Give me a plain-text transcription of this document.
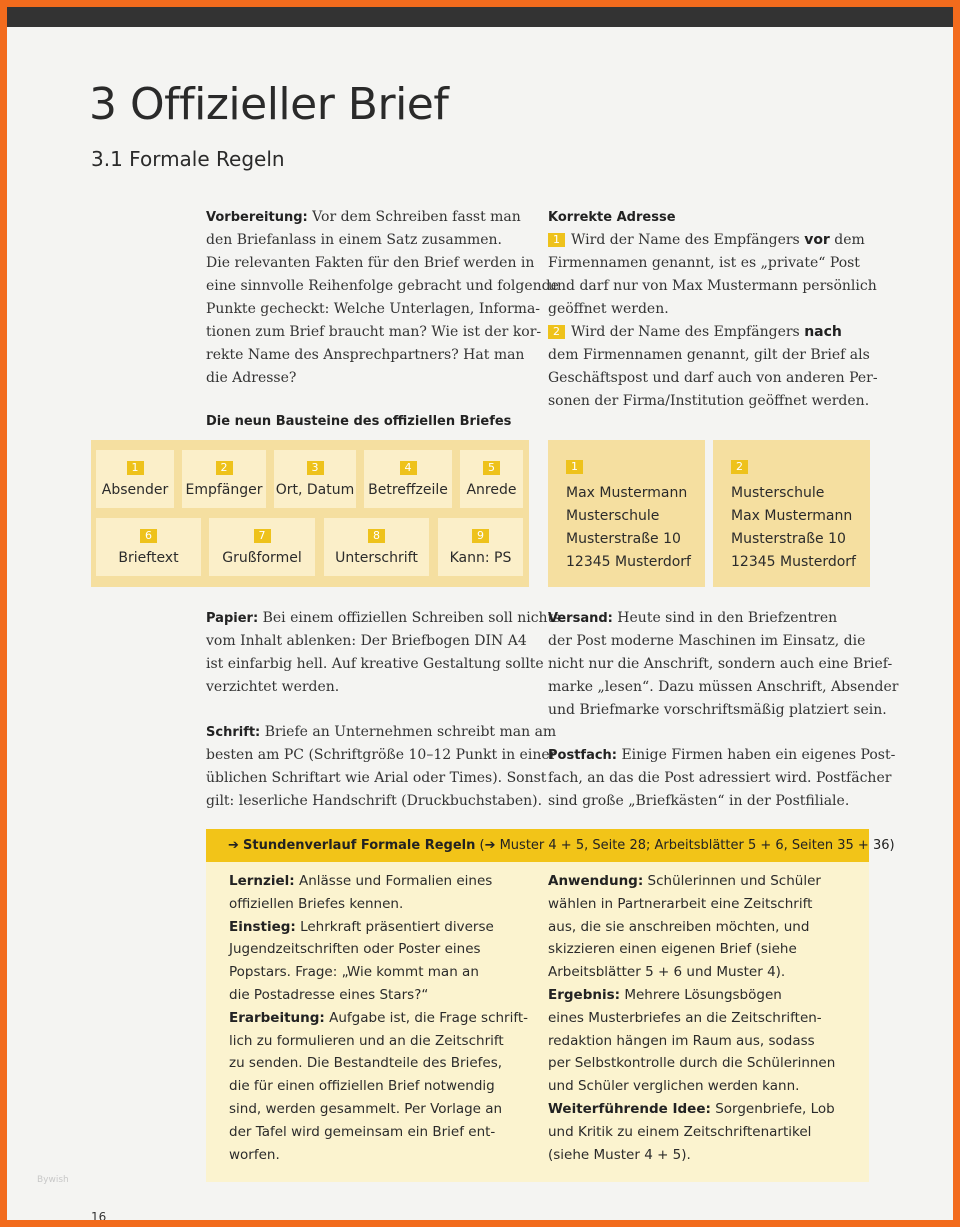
3 Offizieller Brief
3.1 Formale Regeln

Vorbereitung: Vor dem Schreiben fasst man

den Briefanlass in einem Satz zusammen.

Die relevanten Fakten für den Brief werden in

eine sinnvolle Reihenfolge gebracht und folgende

Punkte gecheckt: Welche Unterlagen, Informa-

tionen zum Brief braucht man? Wie ist der kor-

rekte Name des Ansprechpartners? Hat man

die Adresse?

Korrekte Adresse

1 Wird der Name des Empfängers vor dem

Firmennamen genannt, ist es „private“ Post

und darf nur von Max Mustermann persönlich

geöffnet werden.

2 Wird der Name des Empfängers nach

dem Firmennamen genannt, gilt der Brief als

Geschäftspost und darf auch von anderen Per-

sonen der Firma/Institution geöffnet werden.

Die neun Bausteine des offiziellen Briefes
1
Absender
2
Empfänger
3
Ort, Datum
4
Betreffzeile
5
Anrede
6
Brieftext
7
Grußformel
8
Unterschrift
9
Kann: PS
1

Max Mustermann

Musterschule

Musterstraße 10

12345 Musterdorf

2

Musterschule

Max Mustermann

Musterstraße 10

12345 Musterdorf

Papier: Bei einem offiziellen Schreiben soll nichts

vom Inhalt ablenken: Der Briefbogen DIN A4

ist einfarbig hell. Auf kreative Gestaltung sollte

verzichtet werden.

Schrift: Briefe an Unternehmen schreibt man am

besten am PC (Schriftgröße 10–12 Punkt in einer

üblichen Schriftart wie Arial oder Times). Sonst

gilt: leserliche Handschrift (Druckbuchstaben).

Versand: Heute sind in den Briefzentren

der Post moderne Maschinen im Einsatz, die

nicht nur die Anschrift, sondern auch eine Brief-

marke „lesen“. Dazu müssen Anschrift, Absender

und Briefmarke vorschriftsmäßig platziert sein.

Postfach: Einige Firmen haben ein eigenes Post-

fach, an das die Post adressiert wird. Postfächer

sind große „Briefkästen“ in der Postfiliale.

➔ Stundenverlauf Formale Regeln (➔ Muster 4 + 5, Seite 28; Arbeitsblätter 5 + 6, Seiten 35 + 36)

Lernziel: Anlässe und Formalien eines

offiziellen Briefes kennen.

Einstieg: Lehrkraft präsentiert diverse

Jugendzeitschriften oder Poster eines

Popstars. Frage: „Wie kommt man an

die Postadresse eines Stars?“

Erarbeitung: Aufgabe ist, die Frage schrift-

lich zu formulieren und an die Zeitschrift

zu senden. Die Bestandteile des Briefes,

die für einen offiziellen Brief notwendig

sind, werden gesammelt. Per Vorlage an

der Tafel wird gemeinsam ein Brief ent-

worfen.

Anwendung: Schülerinnen und Schüler

wählen in Partnerarbeit eine Zeitschrift

aus, die sie anschreiben möchten, und

skizzieren einen eigenen Brief (siehe

Arbeitsblätter 5 + 6 und Muster 4).

Ergebnis: Mehrere Lösungsbögen

eines Musterbriefes an die Zeitschriften-

redaktion hängen im Raum aus, sodass

per Selbstkontrolle durch die Schülerinnen

und Schüler verglichen werden kann.

Weiterführende Idee: Sorgenbriefe, Lob

und Kritik zu einem Zeitschriftenartikel

(siehe Muster 4 + 5).

Bywish
16
